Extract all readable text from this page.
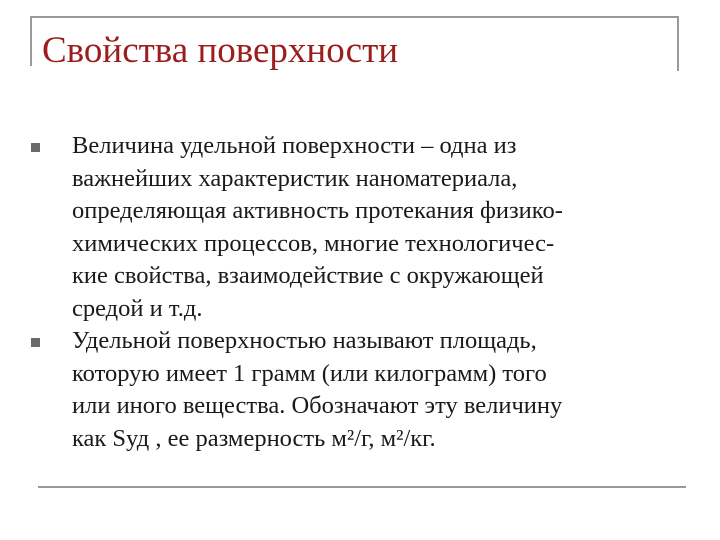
Свойства поверхности
Величина удельной поверхности – одна из
важнейших характеристик наноматериала,
определяющая активность протекания физико-
химических процессов, многие технологичес-
кие свойства, взаимодействие с окружающей
средой и т.д.
Удельной поверхностью называют площадь,
которую имеет 1 грамм (или килограмм) того
или иного вещества. Обозначают эту величину
как Sуд , ее размерность м²/г, м²/кг.
